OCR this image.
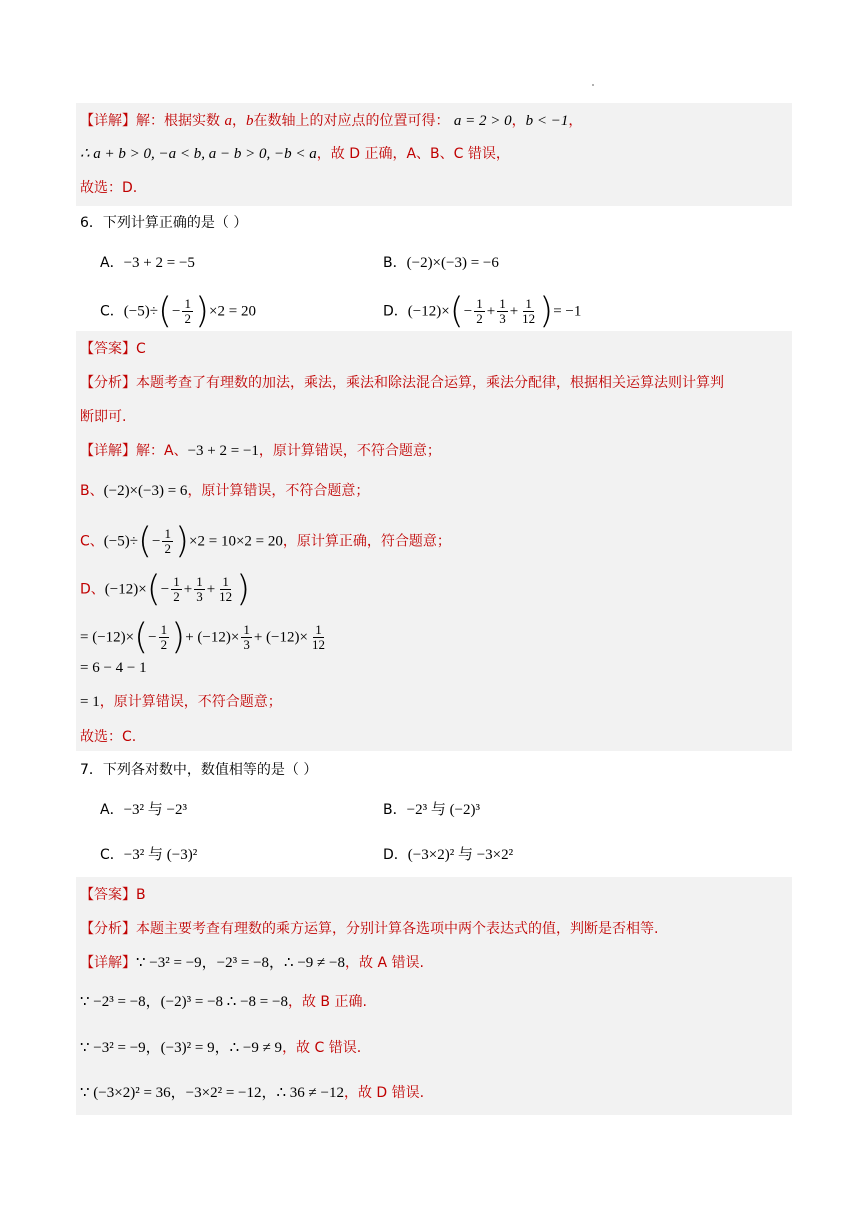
【详解】解：根据实数 a，b在数轴上的对应点的位置可得： a = 2 > 0，b < −1，
∴ a + b > 0, −a < b, a − b > 0, −b < a，故 D 正确，A、B、C 错误，
故选：D.
6．下列计算正确的是（ ）
A．−3 + 2 = −5	B．(−2)×(−3) = −6
C．$(-5)\div(- \frac{1}{2} )\times 2 = 20$	D．$(-12)\times(- \frac{1}{2} + \frac{1}{3} + \frac{1}{12}$ )= −1
【答案】C
【分析】本题考查了有理数的加法，乘法，乘法和除法混合运算，乘法分配律，根据相关运算法则计算判
断即可.
【详解】解：A、−3 + 2 = −1，原计算错误，不符合题意；
B、(−2)×(−3) = 6，原计算错误，不符合题意；
C、$(-5)\div(- \frac{1}{2} )\times 2 = 10\times 2 = 20$，原计算正确，符合题意；
D、$(-12)\times(- \frac{1}{2} + \frac{1}{3} + \frac{1}{12}$ )
= $(-12)\times(- \frac{1}{2}$ )+ $(-12)\times \frac{1}{3} + (-12)\times \frac{1}{12}$
= 6 − 4 − 1
= 1，原计算错误，不符合题意；
故选：C.
7．下列各对数中，数值相等的是（ ）
A．−3² 与 −2³	B．−2³ 与 (−2)³
C．−3² 与 (−3)²	D．(−3×2)² 与 −3×2²
【答案】B
【分析】本题主要考查有理数的乘方运算，分别计算各选项中两个表达式的值，判断是否相等.
【详解】∵ −3² = −9，−2³ = −8，∴ −9 ≠ −8，故 A 错误.
∵ −2³ = −8，(−2)³ = −8 ∴ −8 = −8，故 B 正确.
∵ −3² = −9，(−3)² = 9，∴ −9 ≠ 9，故 C 错误.
∵ (−3×2)² = 36，−3×2² = −12，∴ 36 ≠ −12，故 D 错误.
